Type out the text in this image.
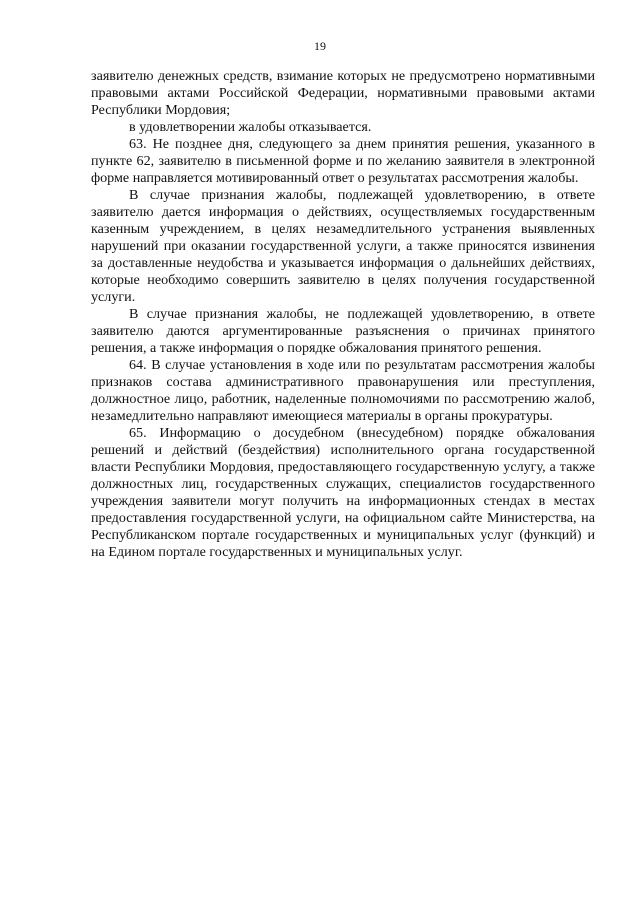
19

заявителю денежных средств, взимание которых не предусмотрено нормативными правовыми актами Российской Федерации, нормативными правовыми актами Республики Мордовия;

в удовлетворении жалобы отказывается.

63. Не позднее дня, следующего за днем принятия решения, указанного в пункте 62, заявителю в письменной форме и по желанию заявителя в электронной форме направляется мотивированный ответ о результатах рассмотрения жалобы.

В случае признания жалобы, подлежащей удовлетворению, в ответе заявителю дается информация о действиях, осуществляемых государственным казенным учреждением, в целях незамедлительного устранения выявленных нарушений при оказании государственной услуги, а также приносятся извинения за доставленные неудобства и указывается информация о дальнейших действиях, которые необходимо совершить заявителю в целях получения государственной услуги.

В случае признания жалобы, не подлежащей удовлетворению, в ответе заявителю даются аргументированные разъяснения о причинах принятого решения, а также информация о порядке обжалования принятого решения.

64. В случае установления в ходе или по результатам рассмотрения жалобы признаков состава административного правонарушения или преступления, должностное лицо, работник, наделенные полномочиями по рассмотрению жалоб, незамедлительно направляют имеющиеся материалы в органы прокуратуры.

65. Информацию о досудебном (внесудебном) порядке обжалования решений и действий (бездействия) исполнительного органа государственной власти Республики Мордовия, предоставляющего государственную услугу, а также должностных лиц, государственных служащих, специалистов государственного учреждения заявители могут получить на информационных стендах в местах предоставления государственной услуги, на официальном сайте Министерства, на Республиканском портале государственных и муниципальных услуг (функций) и на Едином портале государственных и муниципальных услуг.
